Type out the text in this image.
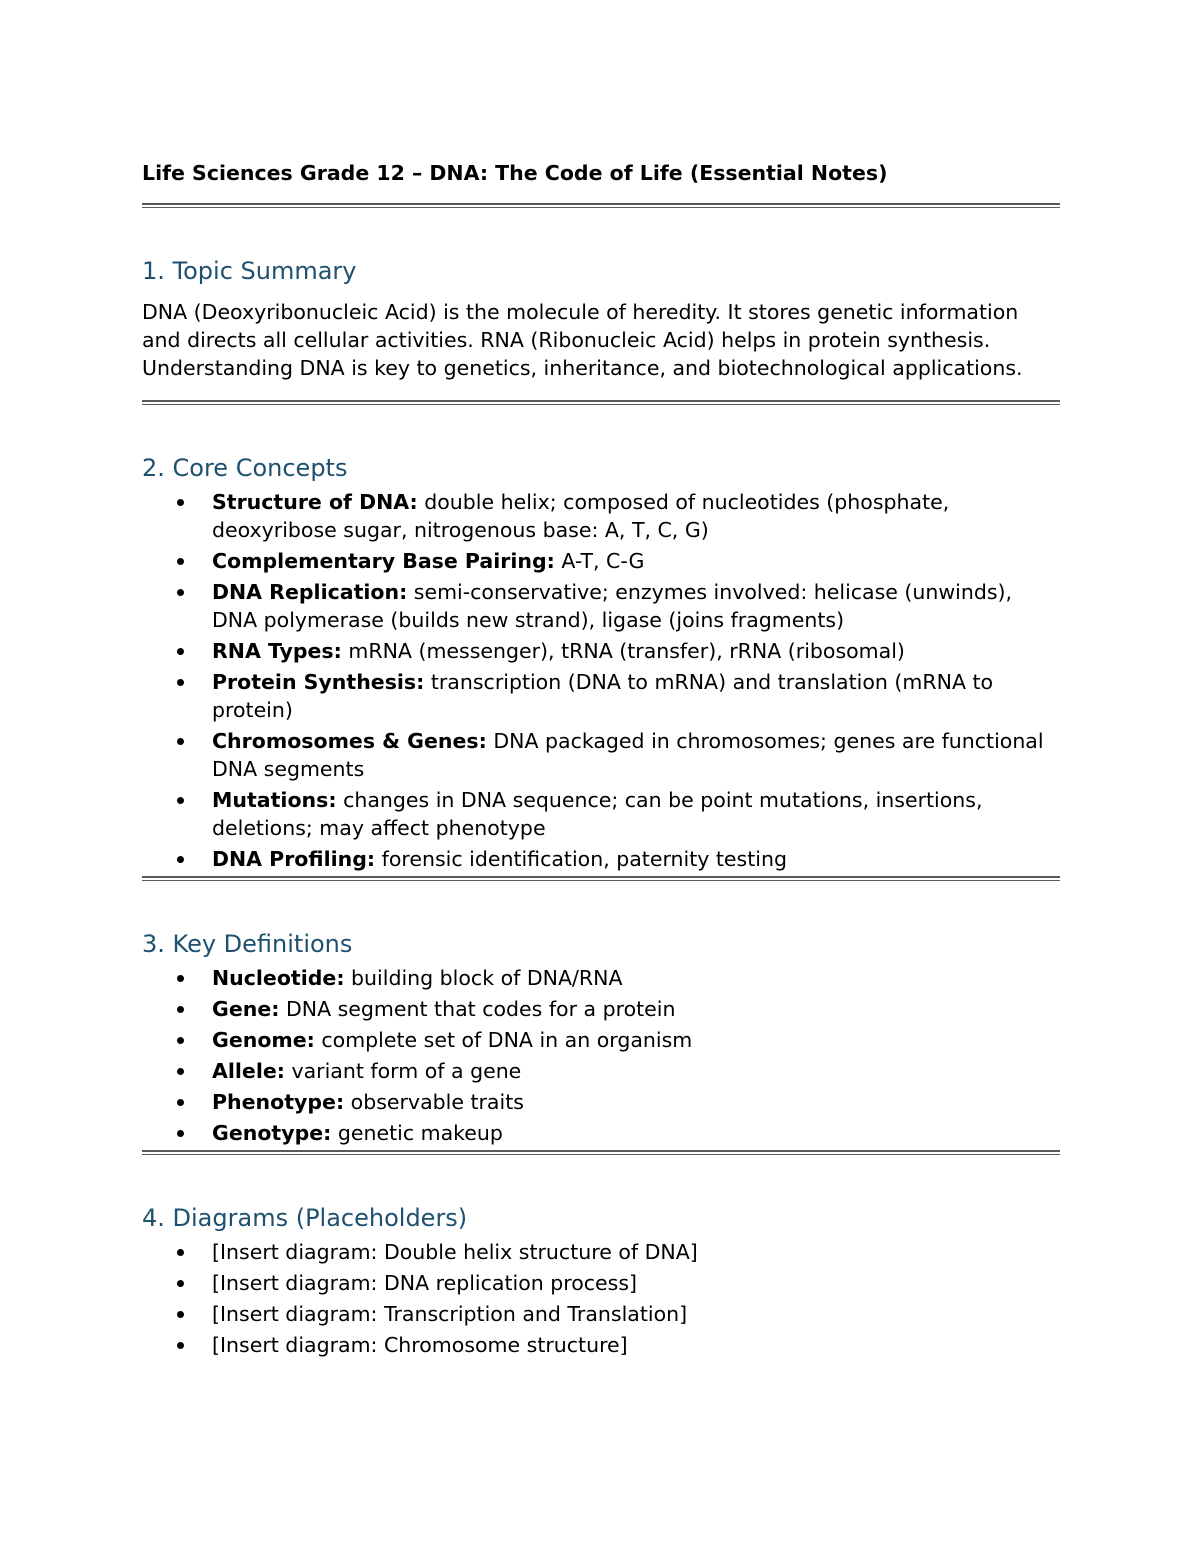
Life Sciences Grade 12 – DNA: The Code of Life (Essential Notes)
1. Topic Summary

DNA (Deoxyribonucleic Acid) is the molecule of heredity. It stores genetic information and directs all cellular activities. RNA (Ribonucleic Acid) helps in protein synthesis. Understanding DNA is key to genetics, inheritance, and biotechnological applications.

2. Core Concepts
Structure of DNA: double helix; composed of nucleotides (phosphate, deoxyribose sugar, nitrogenous base: A, T, C, G)
Complementary Base Pairing: A-T, C-G
DNA Replication: semi-conservative; enzymes involved: helicase (unwinds), DNA polymerase (builds new strand), ligase (joins fragments)
RNA Types: mRNA (messenger), tRNA (transfer), rRNA (ribosomal)
Protein Synthesis: transcription (DNA to mRNA) and translation (mRNA to protein)
Chromosomes & Genes: DNA packaged in chromosomes; genes are functional DNA segments
Mutations: changes in DNA sequence; can be point mutations, insertions, deletions; may affect phenotype
DNA Profiling: forensic identification, paternity testing
3. Key Definitions
Nucleotide: building block of DNA/RNA
Gene: DNA segment that codes for a protein
Genome: complete set of DNA in an organism
Allele: variant form of a gene
Phenotype: observable traits
Genotype: genetic makeup
4. Diagrams (Placeholders)
[Insert diagram: Double helix structure of DNA]
[Insert diagram: DNA replication process]
[Insert diagram: Transcription and Translation]
[Insert diagram: Chromosome structure]
